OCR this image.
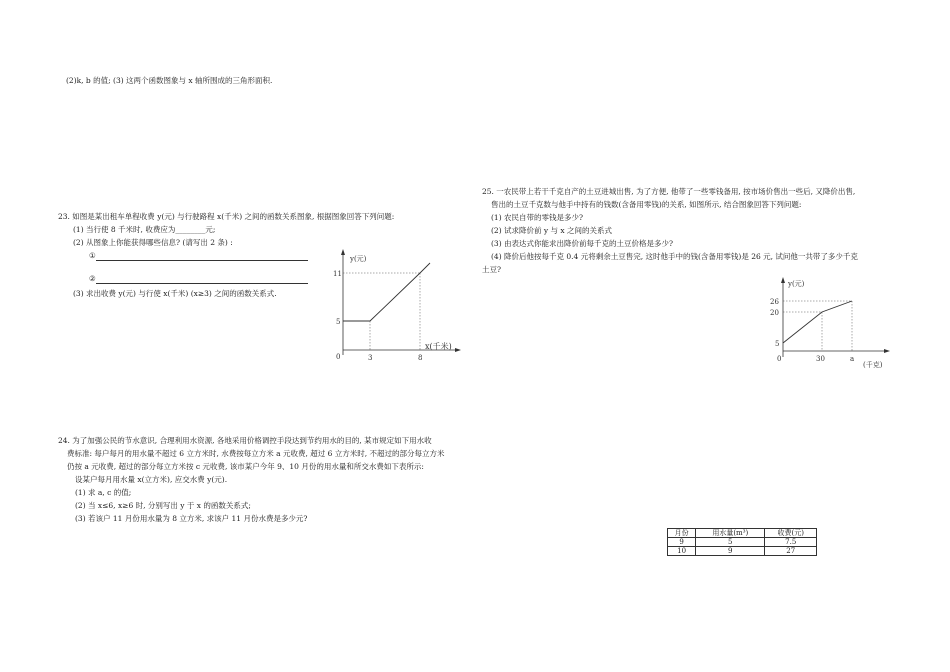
(2)k, b 的值; (3) 这两个函数图象与 x 轴所围成的三角形面积.
23. 如图是某出租车单程收费 y(元) 与行驶路程 x(千米) 之间的函数关系图象, 根据图象回答下列问题:
(1) 当行使 8 千米时, 收费应为________元;
(2) 从图象上你能获得哪些信息? (请写出 2 条) :
①
②
(3) 求出收费 y(元) 与行使 x(千米) (x≥3) 之间的函数关系式.
y(元)
x(千米)
0
11
5
3	8
24. 为了加强公民的节水意识, 合理利用水资源, 各地采用价格调控手段达到节约用水的目的, 某市规定如下用水收
费标准: 每户每月的用水量不超过 6 立方米时, 水费按每立方米 a 元收费, 超过 6 立方米时, 不超过的部分每立方米
仍按 a 元收费, 超过的部分每立方米按 c 元收费, 该市某户今年 9、10 月份的用水量和所交水费如下表所示:
设某户每月用水量 x(立方米), 应交水费 y(元).
(1) 求 a, c 的值;
(2) 当 x≤6, x≥6 时, 分别写出 y 于 x 的函数关系式;
(3) 若该户 11 月份用水量为 8 立方米, 求该户 11 月份水费是多少元?
月份	用水量(m³)	收费(元)
9	5	7.5
10	9	27
25. 一农民带上若干千克自产的土豆进城出售, 为了方便, 他带了一些零钱备用, 按市场价售出一些后, 又降价出售,
售出的土豆千克数与他手中持有的钱数(含备用零钱)的关系, 如图所示, 结合图象回答下列问题:
(1) 农民自带的零钱是多少?
(2) 试求降价前 y 与 x 之间的关系式
(3) 由表达式你能求出降价前每千克的土豆价格是多少?
(4) 降价后他按每千克 0.4 元将剩余土豆售完, 这时他手中的钱(含备用零钱)是 26 元, 试问他一共带了多少千克
土豆?
y(元)
(千克)
0
26
20
5
30	a
